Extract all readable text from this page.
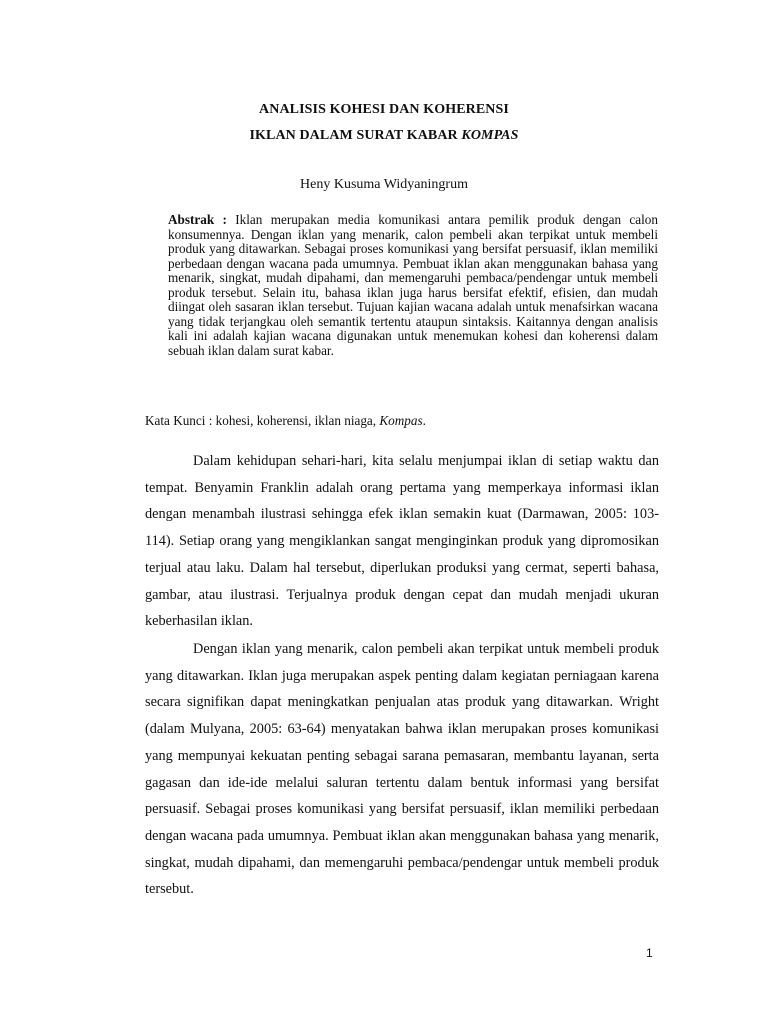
ANALISIS KOHESI DAN KOHERENSI
IKLAN DALAM SURAT KABAR KOMPAS
Heny Kusuma Widyaningrum
Abstrak : Iklan merupakan media komunikasi antara pemilik produk dengan calon konsumennya. Dengan iklan yang menarik, calon pembeli akan terpikat untuk membeli produk yang ditawarkan. Sebagai proses komunikasi yang bersifat persuasif, iklan memiliki perbedaan dengan wacana pada umumnya. Pembuat iklan akan menggunakan bahasa yang menarik, singkat, mudah dipahami, dan memengaruhi pembaca/pendengar untuk membeli produk tersebut. Selain itu, bahasa iklan juga harus bersifat efektif, efisien, dan mudah diingat oleh sasaran iklan tersebut. Tujuan kajian wacana adalah untuk menafsirkan wacana yang tidak terjangkau oleh semantik tertentu ataupun sintaksis. Kaitannya dengan analisis kali ini adalah kajian wacana digunakan untuk menemukan kohesi dan koherensi dalam sebuah iklan dalam surat kabar.
Kata Kunci : kohesi, koherensi, iklan niaga, Kompas.

Dalam kehidupan sehari-hari, kita selalu menjumpai iklan di setiap waktu dan tempat. Benyamin Franklin adalah orang pertama yang memperkaya informasi iklan dengan menambah ilustrasi sehingga efek iklan semakin kuat (Darmawan, 2005: 103-114). Setiap orang yang mengiklankan sangat menginginkan produk yang dipromosikan terjual atau laku. Dalam hal tersebut, diperlukan produksi yang cermat, seperti bahasa, gambar, atau ilustrasi. Terjualnya produk dengan cepat dan mudah menjadi ukuran keberhasilan iklan.

Dengan iklan yang menarik, calon pembeli akan terpikat untuk membeli produk yang ditawarkan. Iklan juga merupakan aspek penting dalam kegiatan perniagaan karena secara signifikan dapat meningkatkan penjualan atas produk yang ditawarkan. Wright (dalam Mulyana, 2005: 63-64) menyatakan bahwa iklan merupakan proses komunikasi yang mempunyai kekuatan penting sebagai sarana pemasaran, membantu layanan, serta gagasan dan ide-ide melalui saluran tertentu dalam bentuk informasi yang bersifat persuasif. Sebagai proses komunikasi yang bersifat persuasif, iklan memiliki perbedaan dengan wacana pada umumnya. Pembuat iklan akan menggunakan bahasa yang menarik, singkat, mudah dipahami, dan memengaruhi pembaca/pendengar untuk membeli produk tersebut.

1
